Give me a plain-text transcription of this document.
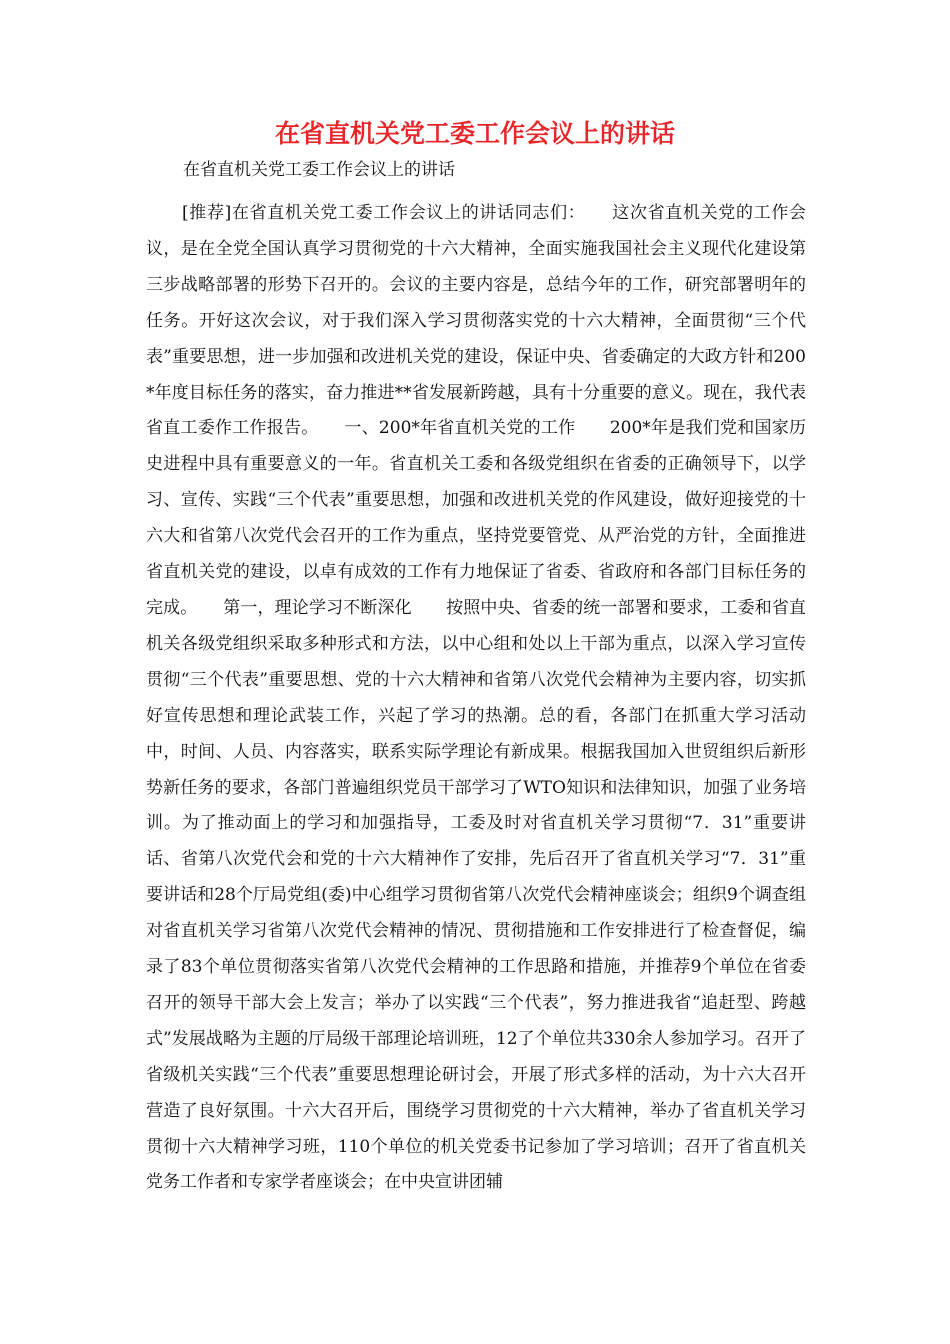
在省直机关党工委工作会议上的讲话

在省直机关党工委工作会议上的讲话

[推荐]在省直机关党工委工作会议上的讲话同志们：　　这次省直机关党的工作会议，是在全党全国认真学习贯彻党的十六大精神，全面实施我国社会主义现代化建设第三步战略部署的形势下召开的。会议的主要内容是，总结今年的工作，研究部署明年的任务。开好这次会议，对于我们深入学习贯彻落实党的十六大精神，全面贯彻“三个代表”重要思想，进一步加强和改进机关党的建设，保证中央、省委确定的大政方针和200*年度目标任务的落实，奋力推进**省发展新跨越，具有十分重要的意义。现在，我代表省直工委作工作报告。　　一、200*年省直机关党的工作　　200*年是我们党和国家历史进程中具有重要意义的一年。省直机关工委和各级党组织在省委的正确领导下，以学习、宣传、实践“三个代表”重要思想，加强和改进机关党的作风建设，做好迎接党的十六大和省第八次党代会召开的工作为重点，坚持党要管党、从严治党的方针，全面推进省直机关党的建设，以卓有成效的工作有力地保证了省委、省政府和各部门目标任务的完成。　　第一，理论学习不断深化　　按照中央、省委的统一部署和要求，工委和省直机关各级党组织采取多种形式和方法，以中心组和处以上干部为重点，以深入学习宣传贯彻“三个代表”重要思想、党的十六大精神和省第八次党代会精神为主要内容，切实抓好宣传思想和理论武装工作，兴起了学习的热潮。总的看，各部门在抓重大学习活动中，时间、人员、内容落实，联系实际学理论有新成果。根据我国加入世贸组织后新形势新任务的要求，各部门普遍组织党员干部学习了WTO知识和法律知识，加强了业务培训。为了推动面上的学习和加强指导，工委及时对省直机关学习贯彻“7．31”重要讲话、省第八次党代会和党的十六大精神作了安排，先后召开了省直机关学习“7．31”重要讲话和28个厅局党组(委)中心组学习贯彻省第八次党代会精神座谈会；组织9个调查组对省直机关学习省第八次党代会精神的情况、贯彻措施和工作安排进行了检查督促，编录了83个单位贯彻落实省第八次党代会精神的工作思路和措施，并推荐9个单位在省委召开的领导干部大会上发言；举办了以实践“三个代表”，努力推进我省“追赶型、跨越式”发展战略为主题的厅局级干部理论培训班，12了个单位共330余人参加学习。召开了省级机关实践“三个代表”重要思想理论研讨会，开展了形式多样的活动，为十六大召开营造了良好氛围。十六大召开后，围绕学习贯彻党的十六大精神，举办了省直机关学习贯彻十六大精神学习班，110个单位的机关党委书记参加了学习培训；召开了省直机关党务工作者和专家学者座谈会；在中央宣讲团辅
